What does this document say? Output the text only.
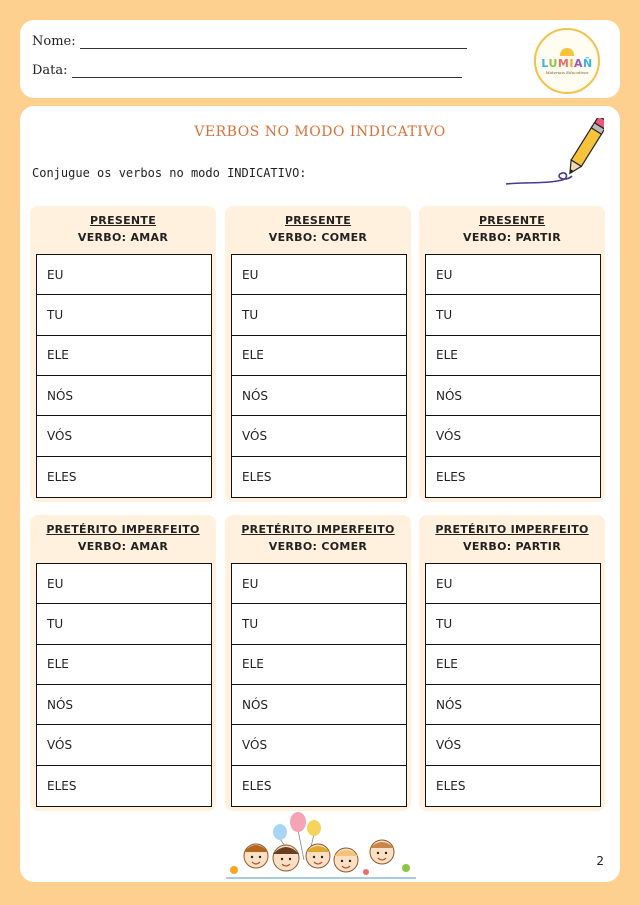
Nome:
Data:	LUMIAÑ
Materiais Educativos
VERBOS NO MODO INDICATIVO
Conjugue os verbos no modo INDICATIVO:
PRESENTE
VERBO: AMAR
EU
TU
ELE
NÓS
VÓS
ELES
PRESENTE
VERBO: COMER
EU
TU
ELE
NÓS
VÓS
ELES
PRESENTE
VERBO: PARTIR
EU
TU
ELE
NÓS
VÓS
ELES
PRETÉRITO IMPERFEITO
VERBO: AMAR
EU
TU
ELE
NÓS
VÓS
ELES
PRETÉRITO IMPERFEITO
VERBO: COMER
EU
TU
ELE
NÓS
VÓS
ELES
PRETÉRITO IMPERFEITO
VERBO: PARTIR
EU
TU
ELE
NÓS
VÓS
ELES
2
